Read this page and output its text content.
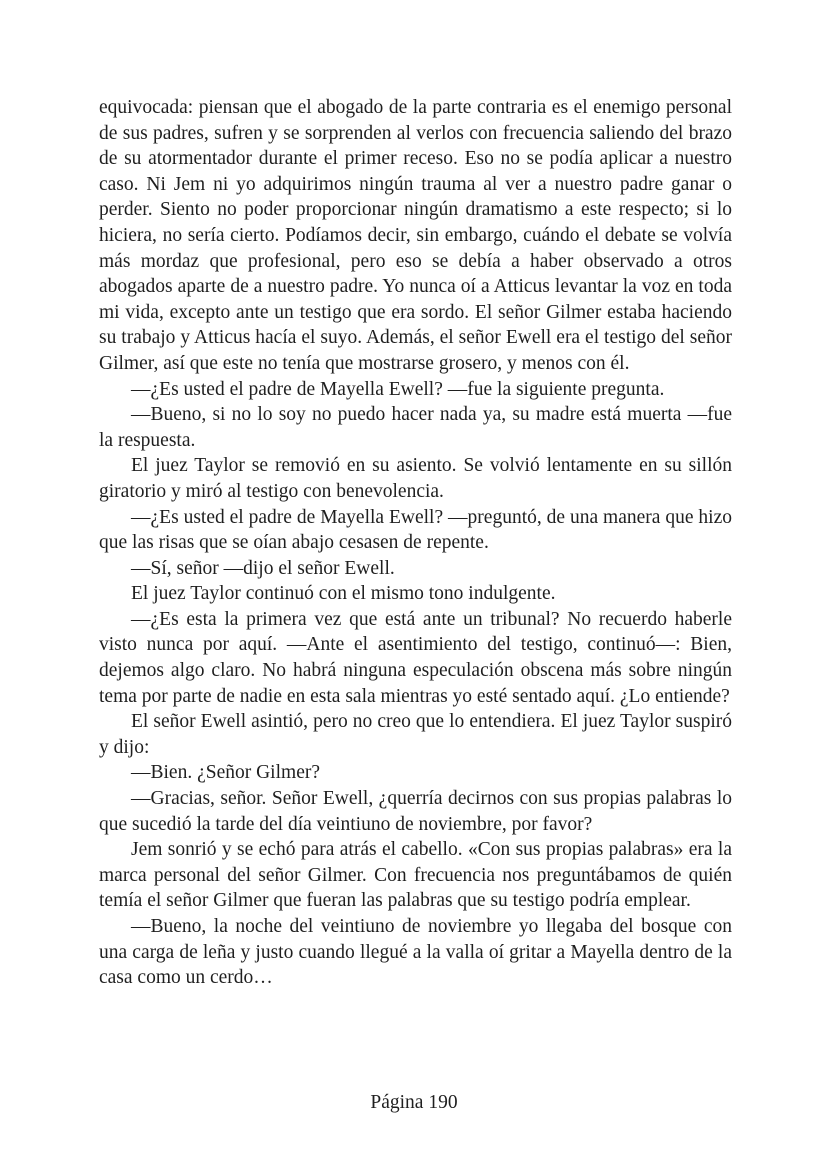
equivocada: piensan que el abogado de la parte contraria es el enemigo personal de sus padres, sufren y se sorprenden al verlos con frecuencia saliendo del brazo de su atormentador durante el primer receso. Eso no se podía aplicar a nuestro caso. Ni Jem ni yo adquirimos ningún trauma al ver a nuestro padre ganar o perder. Siento no poder proporcionar ningún dramatismo a este respecto; si lo hiciera, no sería cierto. Podíamos decir, sin embargo, cuándo el debate se volvía más mordaz que profesional, pero eso se debía a haber observado a otros abogados aparte de a nuestro padre. Yo nunca oí a Atticus levantar la voz en toda mi vida, excepto ante un testigo que era sordo. El señor Gilmer estaba haciendo su trabajo y Atticus hacía el suyo. Además, el señor Ewell era el testigo del señor Gilmer, así que este no tenía que mostrarse grosero, y menos con él.

—¿Es usted el padre de Mayella Ewell? —fue la siguiente pregunta.

—Bueno, si no lo soy no puedo hacer nada ya, su madre está muerta —fue la respuesta.

El juez Taylor se removió en su asiento. Se volvió lentamente en su sillón giratorio y miró al testigo con benevolencia.

—¿Es usted el padre de Mayella Ewell? —preguntó, de una manera que hizo que las risas que se oían abajo cesasen de repente.

—Sí, señor —dijo el señor Ewell.

El juez Taylor continuó con el mismo tono indulgente.

—¿Es esta la primera vez que está ante un tribunal? No recuerdo haberle visto nunca por aquí. —Ante el asentimiento del testigo, continuó—: Bien, dejemos algo claro. No habrá ninguna especulación obscena más sobre ningún tema por parte de nadie en esta sala mientras yo esté sentado aquí. ¿Lo entiende?

El señor Ewell asintió, pero no creo que lo entendiera. El juez Taylor suspiró y dijo:

—Bien. ¿Señor Gilmer?

—Gracias, señor. Señor Ewell, ¿querría decirnos con sus propias palabras lo que sucedió la tarde del día veintiuno de noviembre, por favor?

Jem sonrió y se echó para atrás el cabello. «Con sus propias palabras» era la marca personal del señor Gilmer. Con frecuencia nos preguntábamos de quién temía el señor Gilmer que fueran las palabras que su testigo podría emplear.

—Bueno, la noche del veintiuno de noviembre yo llegaba del bosque con una carga de leña y justo cuando llegué a la valla oí gritar a Mayella dentro de la casa como un cerdo…

Página 190
